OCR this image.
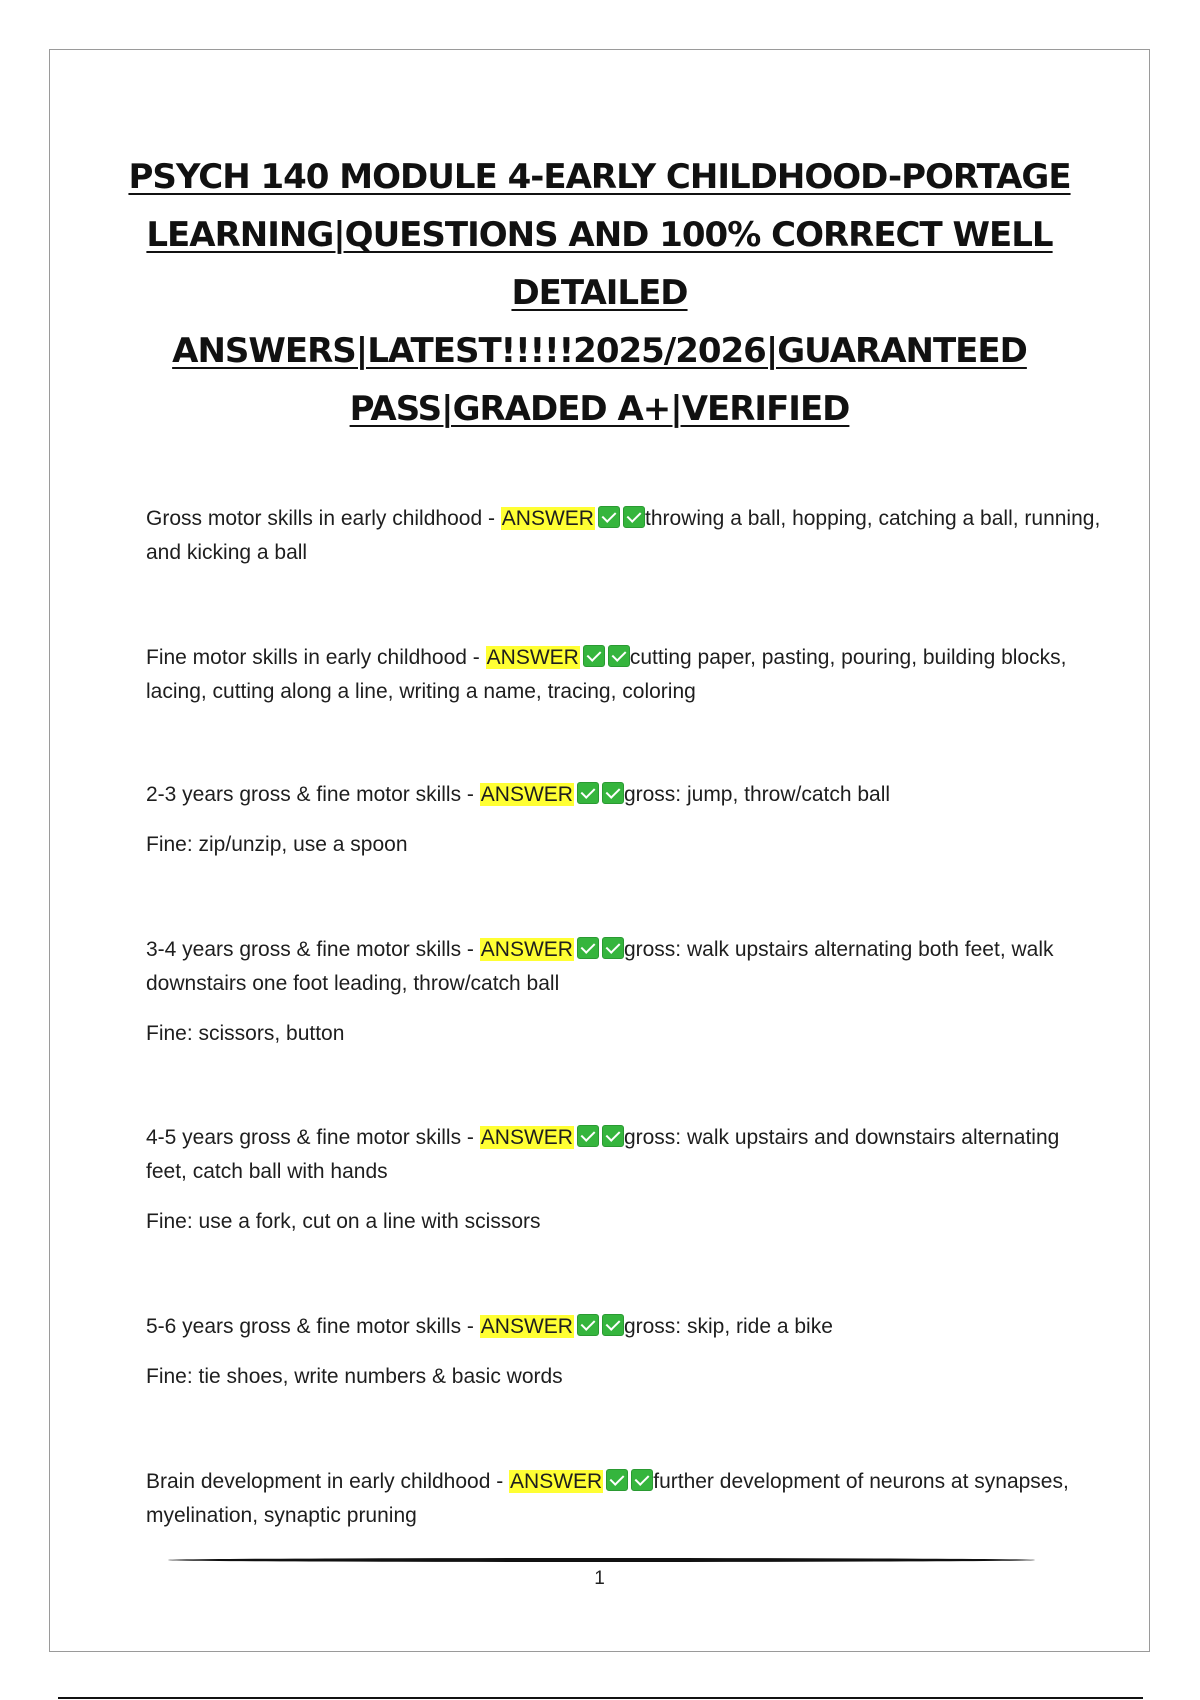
PSYCH 140 MODULE 4-EARLY CHILDHOOD-PORTAGE
LEARNING|QUESTIONS AND 100% CORRECT WELL
DETAILED
ANSWERS|LATEST!!!!!2025/2026|GUARANTEED
PASS|GRADED A+|VERIFIED

Gross motor skills in early childhood - ANSWER throwing a ball, hopping, catching a ball, running, and kicking a ball

Fine motor skills in early childhood - ANSWER cutting paper, pasting, pouring, building blocks, lacing, cutting along a line, writing a name, tracing, coloring

2-3 years gross & fine motor skills - ANSWER gross: jump, throw/catch ball

Fine: zip/unzip, use a spoon

3-4 years gross & fine motor skills - ANSWER gross: walk upstairs alternating both feet, walk downstairs one foot leading, throw/catch ball

Fine: scissors, button

4-5 years gross & fine motor skills - ANSWER gross: walk upstairs and downstairs alternating feet, catch ball with hands

Fine: use a fork, cut on a line with scissors

5-6 years gross & fine motor skills - ANSWER gross: skip, ride a bike

Fine: tie shoes, write numbers & basic words

Brain development in early childhood - ANSWER further development of neurons at synapses, myelination, synaptic pruning

1
